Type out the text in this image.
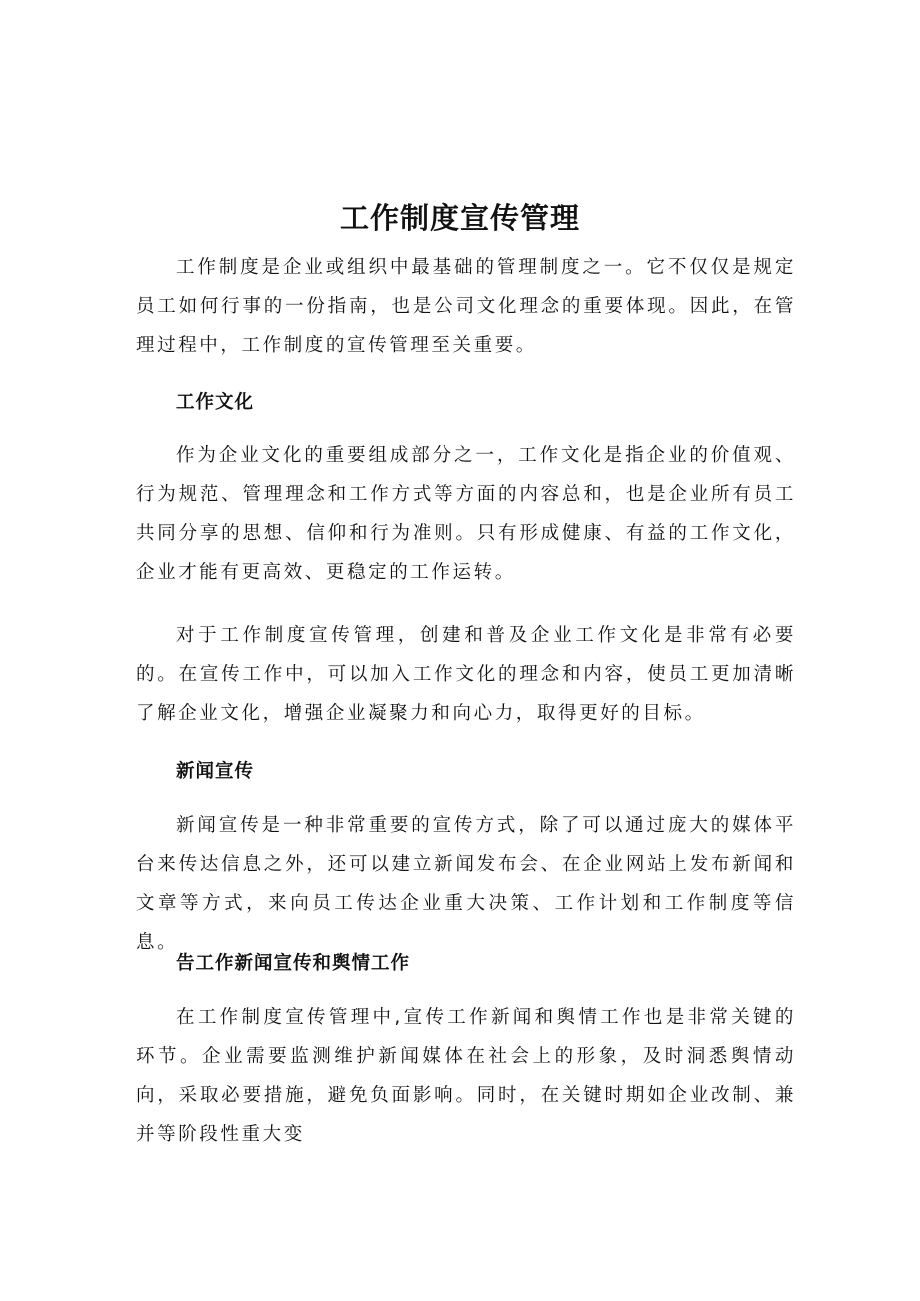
工作制度宣传管理

工作制度是企业或组织中最基础的管理制度之一。它不仅仅是规定员工如何行事的一份指南，也是公司文化理念的重要体现。因此，在管理过程中，工作制度的宣传管理至关重要。

工作文化

作为企业文化的重要组成部分之一，工作文化是指企业的价值观、行为规范、管理理念和工作方式等方面的内容总和，也是企业所有员工共同分享的思想、信仰和行为准则。只有形成健康、有益的工作文化，企业才能有更高效、更稳定的工作运转。

对于工作制度宣传管理，创建和普及企业工作文化是非常有必要的。在宣传工作中，可以加入工作文化的理念和内容，使员工更加清晰了解企业文化，增强企业凝聚力和向心力，取得更好的目标。

新闻宣传

新闻宣传是一种非常重要的宣传方式，除了可以通过庞大的媒体平台来传达信息之外，还可以建立新闻发布会、在企业网站上发布新闻和文章等方式，来向员工传达企业重大决策、工作计划和工作制度等信息。

告工作新闻宣传和舆情工作

在工作制度宣传管理中,宣传工作新闻和舆情工作也是非常关键的环节。企业需要监测维护新闻媒体在社会上的形象，及时洞悉舆情动向，采取必要措施，避免负面影响。同时，在关键时期如企业改制、兼并等阶段性重大变
